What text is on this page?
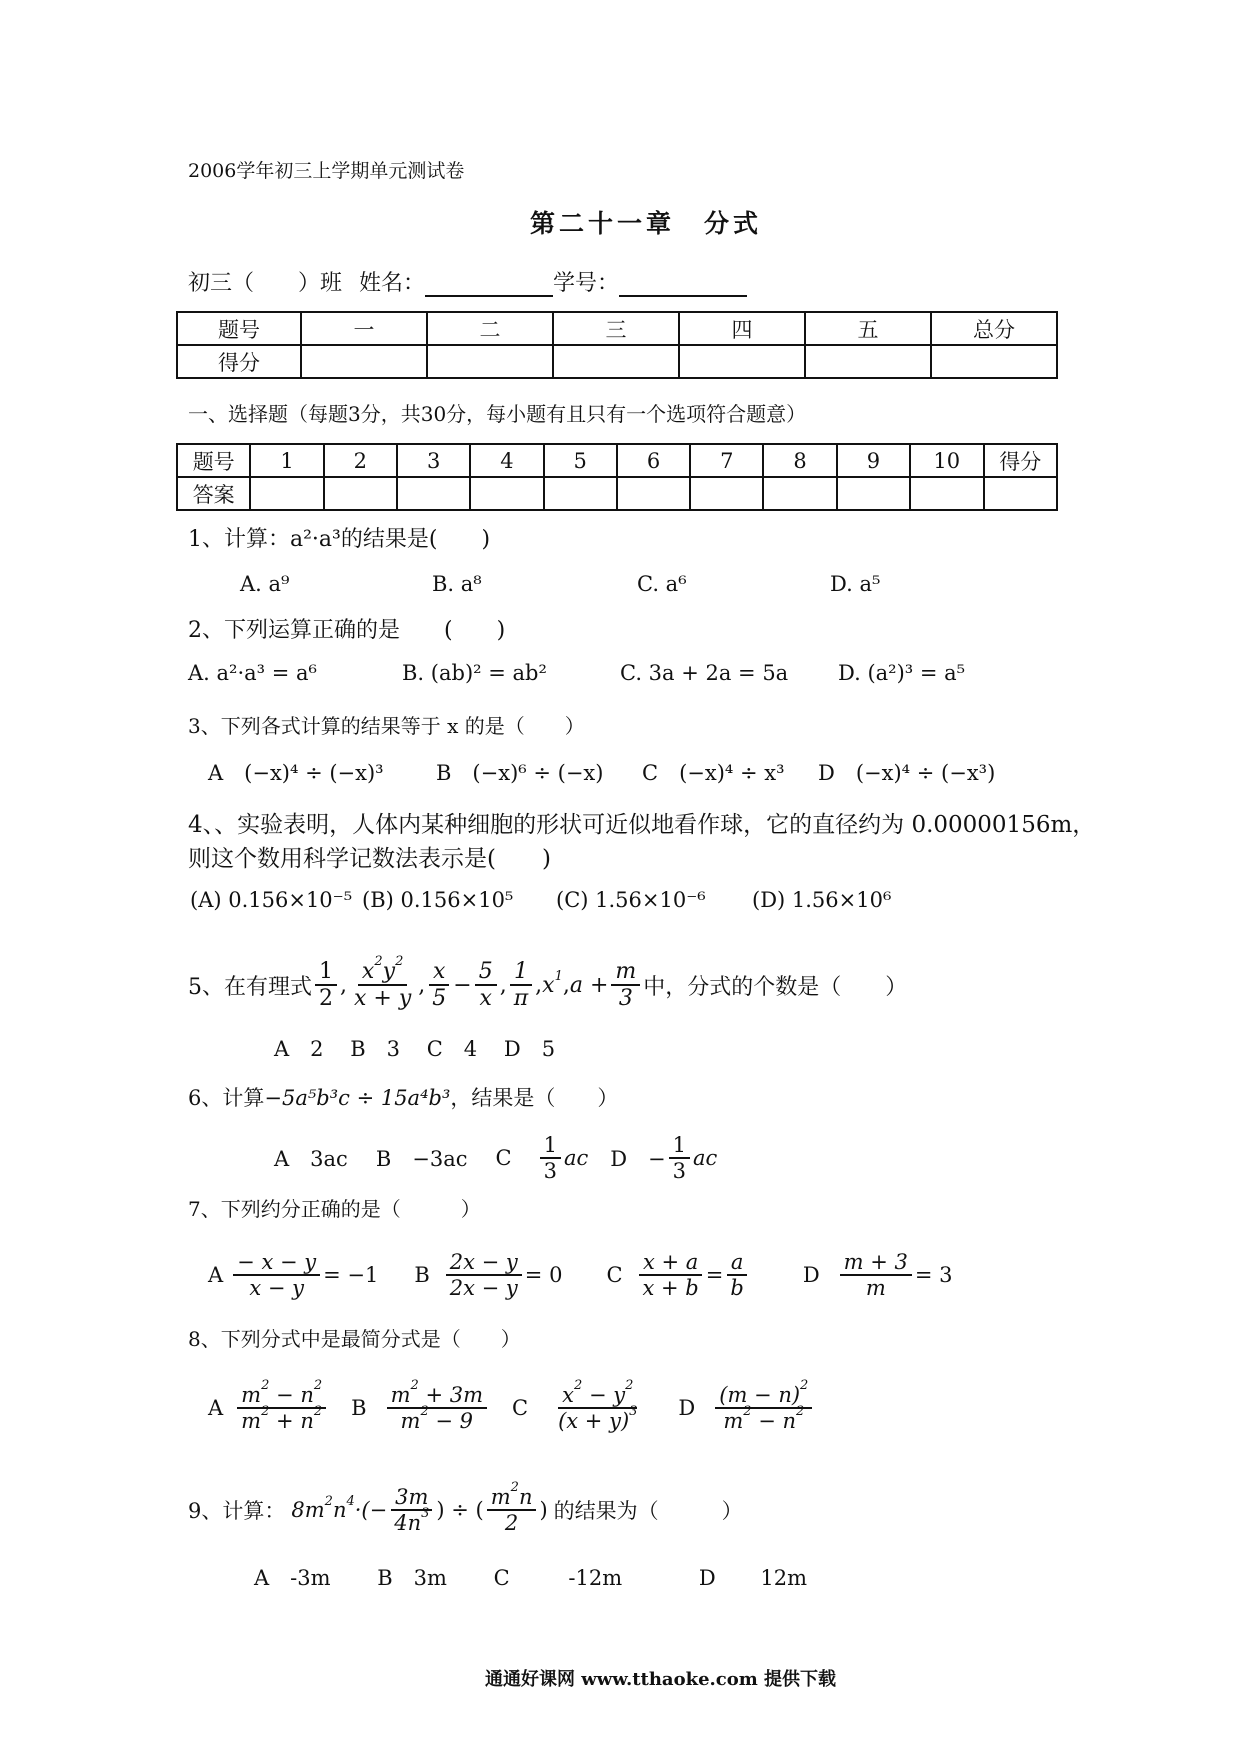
2006学年初三上学期单元测试卷
第二十一章　分式
初三（　　）班 姓名：	学号：
题号	一	二	三	四	五	总分
得分						
一、选择题（每题3分，共30分，每小题有且只有一个选项符合题意）
题号	1	2	3	4	5	6	7	8	9	10	得分
答案											
1、计算：a²·a³的结果是(　　)
A. a⁹	B. a⁸	C. a⁶	D. a⁵
2、下列运算正确的是　　(　　)
A. a²·a³ = a⁶	B. (ab)² = ab²	C. 3a + 2a = 5a D. (a²)³ = a⁵
3、下列各式计算的结果等于 x 的是（　　）
A　(−x)⁴ ÷ (−x)³ B　(−x)⁶ ÷ (−x) C　(−x)⁴ ÷ x³ D　(−x)⁴ ÷ (−x³)
4、、实验表明，人体内某种细胞的形状可近似地看作球，它的直径约为 0.00000156m，
则这个数用科学记数法表示是(　　)
(A) 0.156×10⁻⁵ (B) 0.156×10⁵ (C) 1.56×10⁻⁶ (D) 1.56×10⁶
5、在有理式 $\frac{1}{2}$ , $\frac{x^2y^2}{x + y}$ , $\frac{x}{5} - \frac{5}{x}$ , $\frac{1}{\pi}$ , $x^1$ , $a + \frac{m}{3}$ 中，分式的个数是（　　）
A　2 B　3 C　4 D　5
6、计算−5a⁵b³c ÷ 15a⁴b³，结果是（　　）
A　3ac B　−3ac C $\frac{1}{3}$ ac D　− $\frac{1}{3}$ ac
7、下列约分正确的是（　　　）
A $\frac{- x - y}{x - y} = -1$ B $\frac{2x - y}{2x - y} = 0$ C $\frac{x + a}{x + b} = \frac{a}{b}$	D $\frac{m + 3}{m} = 3$
8、下列分式中是最简分式是（　　）
A $\frac{m^2 - n^2}{m^2 + n^2}$ B $\frac{m^2 + 3m}{m^2 - 9}$ C $\frac{x^2 - y^2}{(x + y)^3}$ D $\frac{(m - n)^2}{m^2 - n^2}$
9、计算： $8m^2n^4\cdot(- \frac{3m}{4n^3}$ ) ÷ ( $\frac{m^2n}{2}$ ) 的结果为（　　　）
A　-3m B　3m C	-12m	D 12m
通通好课网 www.tthaoke.com 提供下载
